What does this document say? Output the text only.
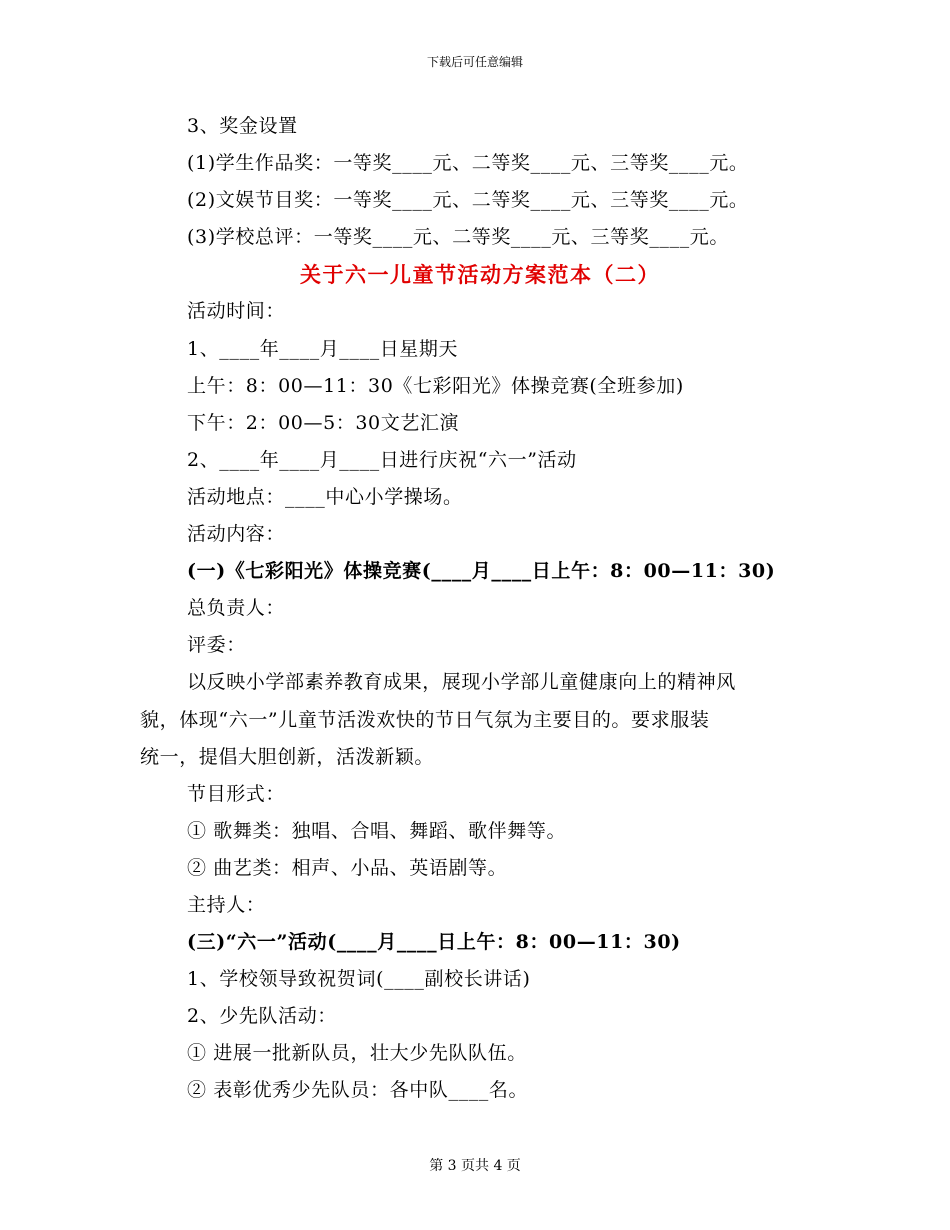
下载后可任意编辑
3、奖金设置
(1)学生作品奖：一等奖____元、二等奖____元、三等奖____元。
(2)文娱节目奖：一等奖____元、二等奖____元、三等奖____元。
(3)学校总评：一等奖____元、二等奖____元、三等奖____元。
关于六一儿童节活动方案范本（二）
活动时间：
1、____年____月____日星期天
上午：8：00—11：30《七彩阳光》体操竞赛(全班参加)
下午：2：00—5：30文艺汇演
2、____年____月____日进行庆祝“六一”活动
活动地点：____中心小学操场。
活动内容：
(一)《七彩阳光》体操竞赛(____月____日上午：8：00—11：30)
总负责人：
评委：
以反映小学部素养教育成果，展现小学部儿童健康向上的精神风
貌，体现“六一”儿童节活泼欢快的节日气氛为主要目的。要求服装
统一，提倡大胆创新，活泼新颖。
节目形式：
① 歌舞类：独唱、合唱、舞蹈、歌伴舞等。
② 曲艺类：相声、小品、英语剧等。
主持人：
(三)“六一”活动(____月____日上午：8：00—11：30)
1、学校领导致祝贺词(____副校长讲话)
2、少先队活动：
① 进展一批新队员，壮大少先队队伍。
② 表彰优秀少先队员：各中队____名。
第 3 页共 4 页
